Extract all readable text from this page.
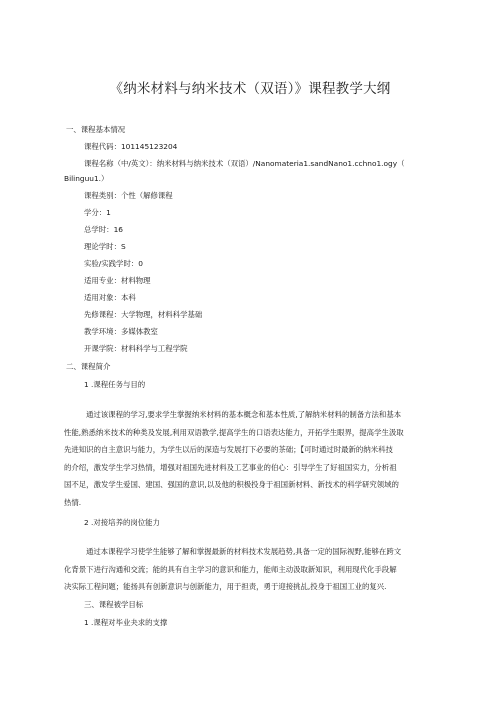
《纳米材料与纳米技术（双语）》课程教学大纲
一、课程基本情况
课程代码：101145123204
课程名称（中/英文）：纳米材料与纳米技术（双语）/Nanomateria1.sandNano1.cchno1.ogy（
Bilinguu1.）
课程类别：个性（解修课程
学分：1
总学时：16
理论学时：S
实验/实践学时：0
适用专业：材料物理
适用对象：本科
先修课程：大学物理，材料科学基础
教学环境：多媒体教室
开课学院：材料科学与工程学院
二、课程简介
1 .课程任务与目的
通过该课程的学习,要求学生掌握纳米材料的基本概念和基本性质,了解纳米材料的制备方法和基本
性能,熟悉纳米技术的种类及发展,利用双语教学,提高学生的口语表达能力，开拓学生眼界，提高学生汲取
先进知识的自主意识与能力，为学生以后的深造与发展打下必要的茶础；【可时通过时最新的纳米科技
的介绍，激发学生学习热情，增强对祖国先进材料及工艺事业的伯心：引导学生了好祖国实力，分析祖
国不足，激发学生爱国、建国、强国的意识,以及他的积极投身于祖国新材料、新技术的科学研究领域的
热情.
2 .对接培养的岗位能力
通过本课程学习使学生能够了解和掌握最新的材料技术发展趋势,具备一定的国际视野,能够在跨文
化背景下进行沟通和交流；能的具有自主学习的意识和能力，能师主动汲取新知识，利用现代化手段解
决实际工程问题；能扬具有创新意识与创新能力，用于担责，勇于迎接挑乩,投身于祖国工业的复兴.
三、课程被学目标
1 .课程对毕业夬求的支撑
